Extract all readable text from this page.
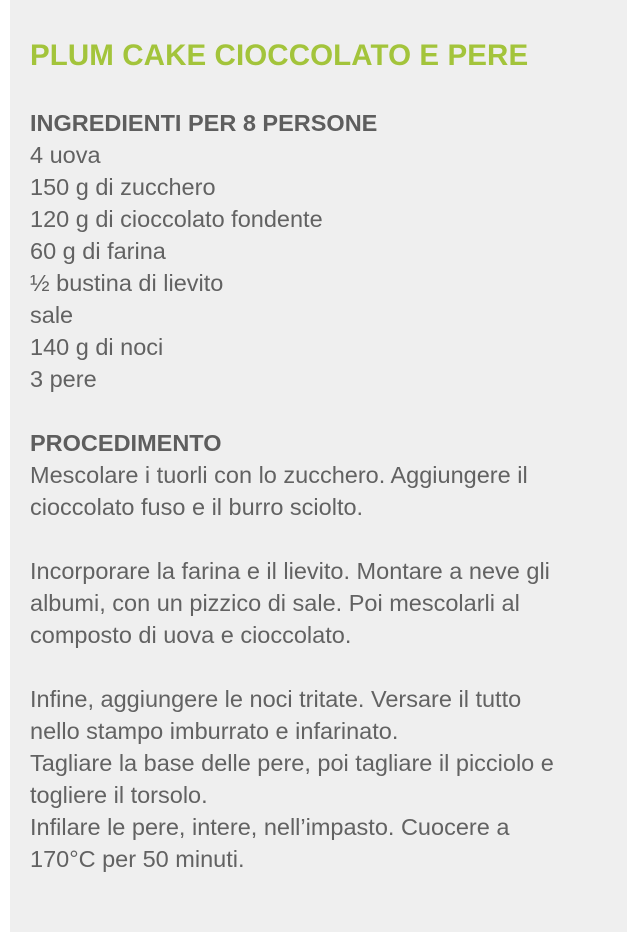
PLUM CAKE CIOCCOLATO E PERE
INGREDIENTI PER 8 PERSONE

4 uova

150 g di zucchero

120 g di cioccolato fondente

60 g di farina

½ bustina di lievito

sale

140 g di noci

3 pere

PROCEDIMENTO

Mescolare i tuorli con lo zucchero. Aggiungere il

cioccolato fuso e il burro sciolto.

Incorporare la farina e il lievito. Montare a neve gli

albumi, con un pizzico di sale. Poi mescolarli al

composto di uova e cioccolato.

Infine, aggiungere le noci tritate. Versare il tutto

nello stampo imburrato e infarinato.

Tagliare la base delle pere, poi tagliare il picciolo e

togliere il torsolo.

Infilare le pere, intere, nell’impasto. Cuocere a

170°C per 50 minuti.
